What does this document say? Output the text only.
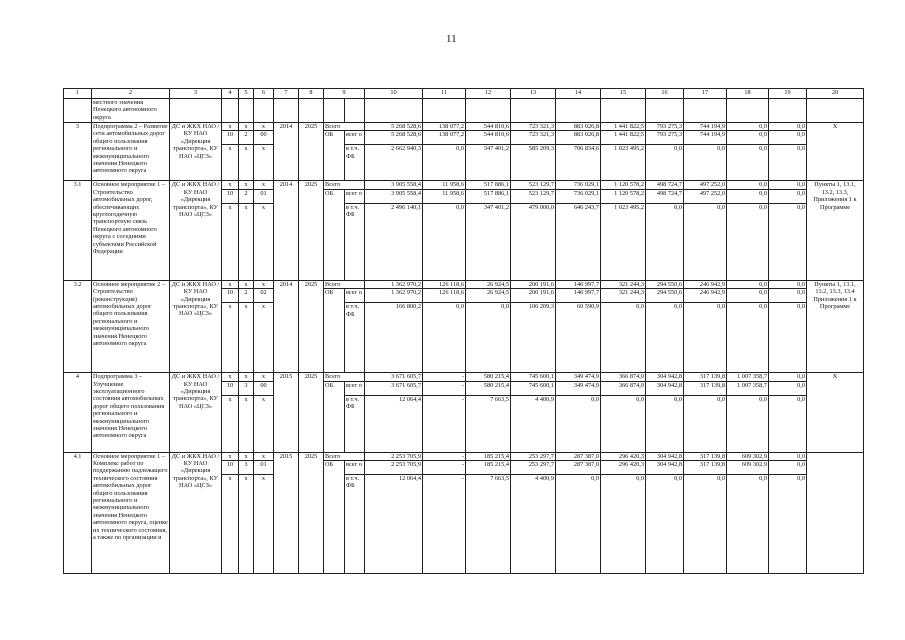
11
1	2	3	4	5	6	7	8	9		10	11	12	13	14	15	16	17	18	19	20
	местного значения Ненецкого автономного округа																			
3	Подпрограмма 2 – Развитие сети автомобильных дорог общего пользования регионального и межмуниципального значения Ненецкого автономного округа	ДС и ЖКХ НАО / КУ НАО «Дирекция транспорта», КУ НАО «ЦСЗ»	х	х	х	2014	2025	Всего		5 268 528,6	138 077,2	544 810,6	723 321,3	883 026,8	1 441 822,5	793 275,3	744 194,9	0,0	0,0	Х
			10	2	00			ОБ	всег о	5 268 528,6	138 077,2	544 810,6	723 321,3	883 026,8	1 441 822,5	793 275,3	744 194,9	0,0	0,0	
			х	х	х				в т.ч. ФБ	2 662 940,3	0,0	347 401,2	585 209,3	706 834,6	1 023 495,2	0,0	0,0	0,0	0,0	
3.1	Основное мероприятие 1 – Строительство автомобильных дорог, обеспечивающих круглогодичную транспортную связь Ненецкого автономного округа с соседними субъектами Российской Федерации	ДС и ЖКХ НАО / КУ НАО «Дирекция транспорта», КУ НАО «ЦСЗ»	х	х	х	2014	2025	Всего		3 905 558,4	11 958,6	517 886,1	523 129,7	736 029,1	1 120 578,2	498 724,7	497 252,0	0,0	0,0	Пункты 1, 13.1, 13.2, 13.3, Приложения 1 к Программе
			10	2	01			ОБ	всег о	3 905 558,4	11 958,6	517 886,1	523 129,7	736 029,1	1 120 578,2	498 724,7	497 252,0	0,0	0,0	
			х	х	х				в т.ч. ФБ	2 496 140,1	0,0	347 401,2	479 000,0	646 243,7	1 023 495,2	0,0	0,0	0,0	0,0	
3.2	Основное мероприятие 2 – Строительство (реконструкция) автомобильных дорог общего пользования регионального и межмуниципального значения Ненецкого автономного округа	ДС и ЖКХ НАО / КУ НАО «Дирекция транспорта», КУ НАО «ЦСЗ»	х	х	х	2014	2025	Всего		1 362 970,2	126 118,6	26 924,5	200 191,6	146 997,7	321 244,3	294 550,6	246 942,9	0,0	0,0	Пункты 1, 13.1, 13.2, 13.3, 13.4 Приложения 1 к Программе
			10	2	02			ОБ	всег о	1 362 970,2	126 118,6	26 924,5	200 191,6	146 997,7	321 244,3	294 550,6	246 942,9	0,0	0,0	
			х	х	х				в т.ч. ФБ	166 800,2	0,0	0,0	106 209,3	60 590,9	0,0	0,0	0,0	0,0	0,0	
4	Подпрограмма 3 – Улучшение эксплуатационного состояния автомобильных дорог общего пользования регионального и межмуниципального значения Ненецкого автономного округа	ДС и ЖКХ НАО / КУ НАО «Дирекция транспорта», КУ НАО «ЦСЗ»	х	х	х	2015	2025	Всего		3 671 605,7	-	580 215,4	745 600,1	349 474,9	366 874,0	304 942,8	317 139,8	1 007 358,7	0,0	Х
			10	3	00			ОБ	всег о	3 671 605,7	-	580 215,4	745 600,1	349 474,9	366 874,0	304 942,8	317 139,8	1 007 358,7	0,0	
			х	х	х				в т.ч. ФБ	12 064,4	-	7 663,5	4 400,9	0,0	0,0	0,0	0,0	0,0	0,0	
4.1	Основное мероприятие 1 – Комплекс работ по поддержанию надлежащего технического состояния автомобильных дорог общего пользования регионального и межмуниципального значения Ненецкого автономного округа, оценке их технического состояния, а также по организации и	ДС и ЖКХ НАО / КУ НАО «Дирекция транспорта», КУ НАО «ЦСЗ»	х	х	х	2015	2025	Всего		2 253 705,9	-	185 215,4	253 297,7	287 387,0	296 420,3	304 942,8	317 139,8	609 302,9	0,0	
			10	3	01			ОБ	всег о	2 253 705,9	-	185 215,4	253 297,7	287 387,0	296 420,3	304 942,8	317 139,8	609 302,9	0,0	
			х	х	х				в т.ч. ФБ	12 064,4	-	7 663,5	4 400,9	0,0	0,0	0,0	0,0	0,0	0,0	
